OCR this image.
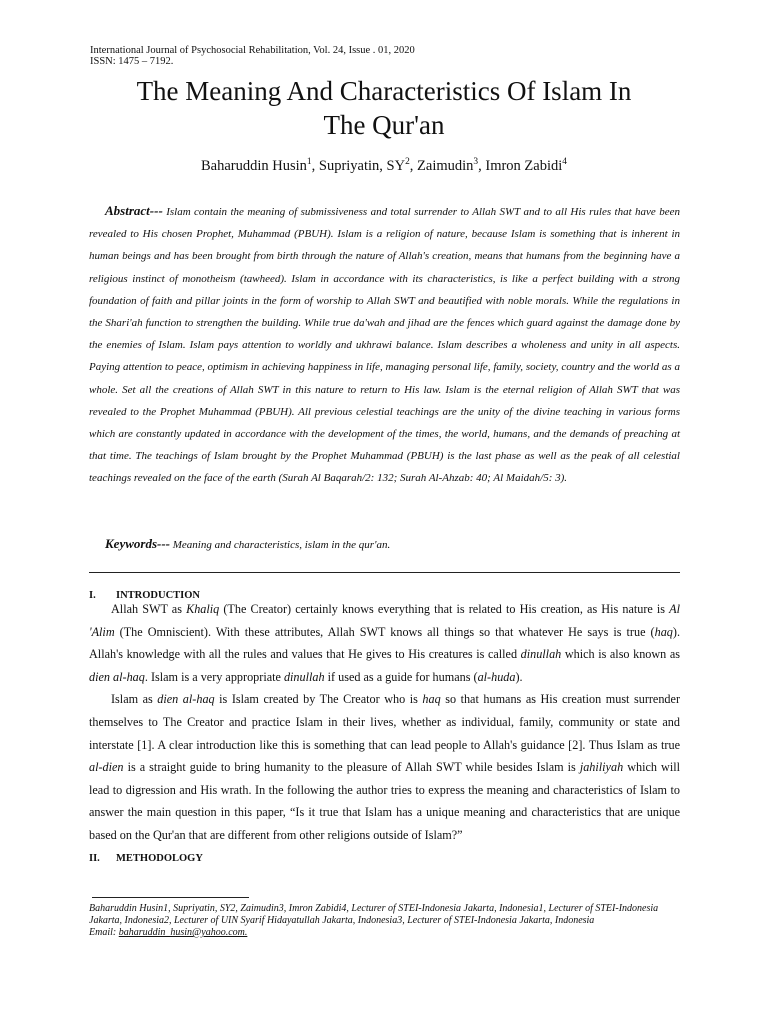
International Journal of Psychosocial Rehabilitation, Vol. 24, Issue . 01, 2020
ISSN: 1475 – 7192.
The Meaning And Characteristics Of Islam In
The Qur'an
Baharuddin Husin$^1$, Supriyatin, $SY^2$, Zaimudin$^3$, Imron Zabidi$^4$
Abstract--- Islam contain the meaning of submissiveness and total surrender to Allah SWT and to all His rules that have been revealed to His chosen Prophet, Muhammad (PBUH). Islam is a religion of nature, because Islam is something that is inherent in human beings and has been brought from birth through the nature of Allah's creation, means that humans from the beginning have a religious instinct of monotheism (tawheed). Islam in accordance with its characteristics, is like a perfect building with a strong foundation of faith and pillar joints in the form of worship to Allah SWT and beautified with noble morals. While the regulations in the Shari'ah function to strengthen the building. While true da'wah and jihad are the fences which guard against the damage done by the enemies of Islam. Islam pays attention to worldly and ukhrawi balance. Islam describes a wholeness and unity in all aspects. Paying attention to peace, optimism in achieving happiness in life, managing personal life, family, society, country and the world as a whole. Set all the creations of Allah SWT in this nature to return to His law. Islam is the eternal religion of Allah SWT that was revealed to the Prophet Muhammad (PBUH). All previous celestial teachings are the unity of the divine teaching in various forms which are constantly updated in accordance with the development of the times, the world, humans, and the demands of preaching at that time. The teachings of Islam brought by the Prophet Muhammad (PBUH) is the last phase as well as the peak of all celestial teachings revealed on the face of the earth (Surah Al Baqarah/2: 132; Surah Al-Ahzab: 40; Al Maidah/5: 3).
Keywords--- Meaning and characteristics, islam in the qur'an.
I. INTRODUCTION

Allah SWT as Khaliq (The Creator) certainly knows everything that is related to His creation, as His nature is Al 'Alim (The Omniscient). With these attributes, Allah SWT knows all things so that whatever He says is true (haq). Allah's knowledge with all the rules and values that He gives to His creatures is called dinullah which is also known as dien al-haq. Islam is a very appropriate dinullah if used as a guide for humans (al-huda).

Islam as dien al-haq is Islam created by The Creator who is haq so that humans as His creation must surrender themselves to The Creator and practice Islam in their lives, whether as individual, family, community or state and interstate [1]. A clear introduction like this is something that can lead people to Allah's guidance [2]. Thus Islam as true al-dien is a straight guide to bring humanity to the pleasure of Allah SWT while besides Islam is jahiliyah which will lead to digression and His wrath. In the following the author tries to express the meaning and characteristics of Islam to answer the main question in this paper, “Is it true that Islam has a unique meaning and characteristics that are unique based on the Qur'an that are different from other religions outside of Islam?”

II. METHODOLOGY
Baharuddin Husin1, Supriyatin, SY2, Zaimudin3, Imron Zabidi4, Lecturer of STEI-Indonesia Jakarta, Indonesia1, Lecturer of STEI-Indonesia Jakarta, Indonesia2, Lecturer of UIN Syarif Hidayatullah Jakarta, Indonesia3, Lecturer of STEI-Indonesia Jakarta, Indonesia
Email: baharuddin_husin@yahoo.com.
